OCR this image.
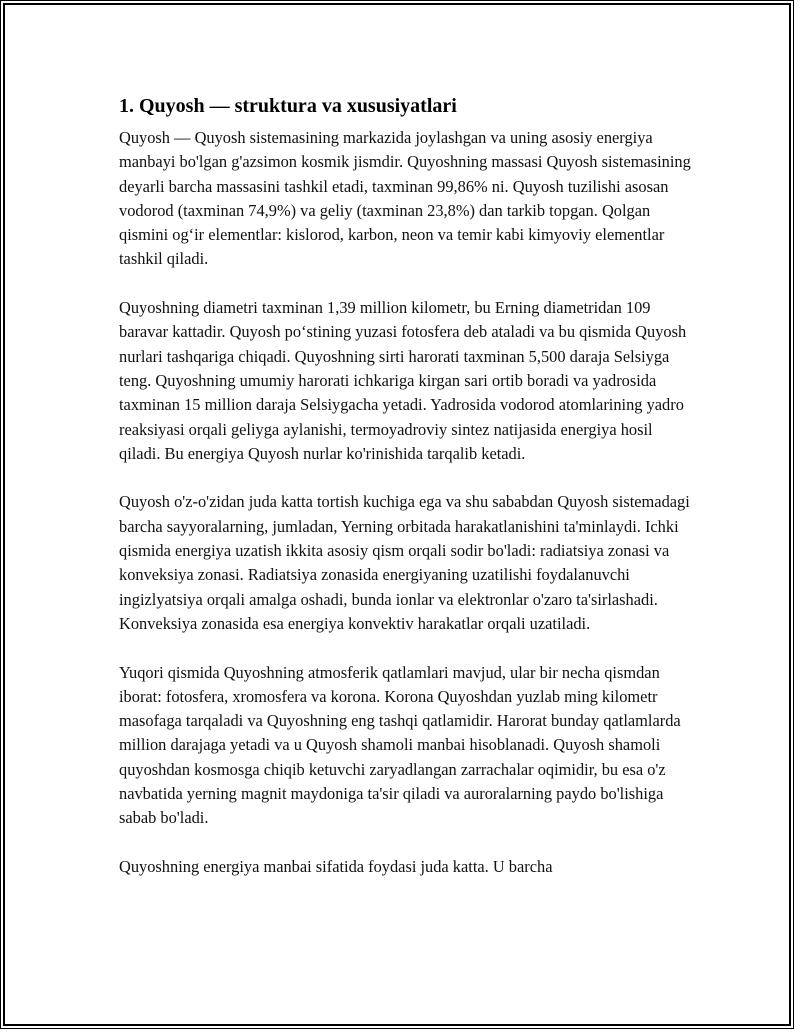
1. Quyosh — struktura va xususiyatlari

Quyosh — Quyosh sistemasining markazida joylashgan va uning asosiy energiya manbayi bo'lgan g'azsimon kosmik jismdir. Quyoshning massasi Quyosh sistemasining deyarli barcha massasini tashkil etadi, taxminan 99,86% ni. Quyosh tuzilishi asosan vodorod (taxminan 74,9%) va geliy (taxminan 23,8%) dan tarkib topgan. Qolgan qismini og‘ir elementlar: kislorod, karbon, neon va temir kabi kimyoviy elementlar tashkil qiladi.

Quyoshning diametri taxminan 1,39 million kilometr, bu Erning diametridan 109 baravar kattadir. Quyosh po‘stining yuzasi fotosfera deb ataladi va bu qismida Quyosh nurlari tashqariga chiqadi. Quyoshning sirti harorati taxminan 5,500 daraja Selsiyga teng. Quyoshning umumiy harorati ichkariga kirgan sari ortib boradi va yadrosida taxminan 15 million daraja Selsiygacha yetadi. Yadrosida vodorod atomlarining yadro reaksiyasi orqali geliyga aylanishi, termoyadroviy sintez natijasida energiya hosil qiladi. Bu energiya Quyosh nurlar ko'rinishida tarqalib ketadi.

Quyosh o'z-o'zidan juda katta tortish kuchiga ega va shu sababdan Quyosh sistemadagi barcha sayyoralarning, jumladan, Yerning orbitada harakatlanishini ta'minlaydi. Ichki qismida energiya uzatish ikkita asosiy qism orqali sodir bo'ladi: radiatsiya zonasi va konveksiya zonasi. Radiatsiya zonasida energiyaning uzatilishi foydalanuvchi ingizlyatsiya orqali amalga oshadi, bunda ionlar va elektronlar o'zaro ta'sirlashadi. Konveksiya zonasida esa energiya konvektiv harakatlar orqali uzatiladi.

Yuqori qismida Quyoshning atmosferik qatlamlari mavjud, ular bir necha qismdan iborat: fotosfera, xromosfera va korona. Korona Quyoshdan yuzlab ming kilometr masofaga tarqaladi va Quyoshning eng tashqi qatlamidir. Harorat bunday qatlamlarda million darajaga yetadi va u Quyosh shamoli manbai hisoblanadi. Quyosh shamoli quyoshdan kosmosga chiqib ketuvchi zaryadlangan zarrachalar oqimidir, bu esa o'z navbatida yerning magnit maydoniga ta'sir qiladi va auroralarning paydo bo'lishiga sabab bo'ladi.

Quyoshning energiya manbai sifatida foydasi juda katta. U barcha
